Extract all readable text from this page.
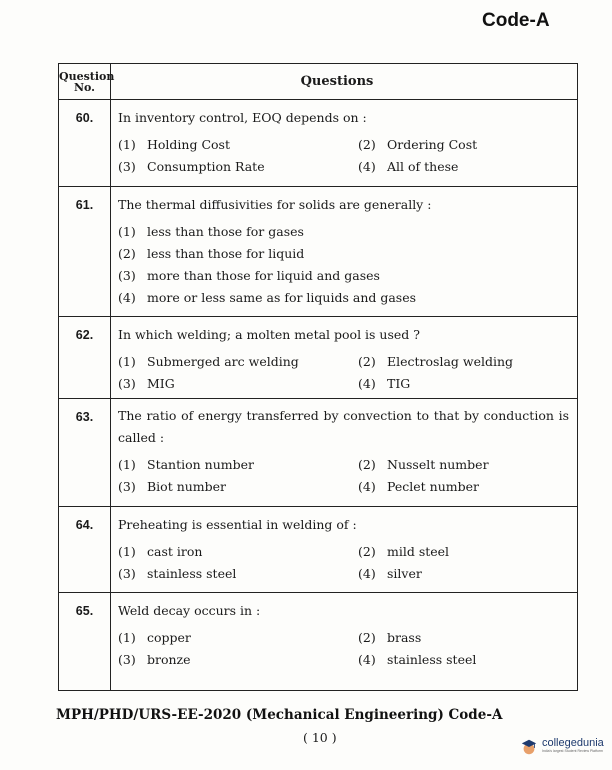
Code-A
Question
No.	Questions
60.	In inventory control, EOQ depends on :
(1) Holding Cost	(2) Ordering Cost
(3) Consumption Rate	(4) All of these
61.	The thermal diffusivities for solids are generally :
(1) less than those for gases
(2) less than those for liquid
(3) more than those for liquid and gases
(4) more or less same as for liquids and gases
62.	In which welding; a molten metal pool is used ?
(1) Submerged arc welding	(2) Electroslag welding
(3) MIG	(4) TIG
63.	The ratio of energy transferred by convection to that by conduction is called :
(1) Stantion number	(2) Nusselt number
(3) Biot number	(4) Peclet number
64.	Preheating is essential in welding of :
(1) cast iron	(2) mild steel
(3) stainless steel	(4) silver
65.	Weld decay occurs in :
(1) copper	(2) brass
(3) bronze	(4) stainless steel
MPH/PHD/URS-EE-2020 (Mechanical Engineering) Code-A
( 10 )	collegedunia
India's largest Student Review Platform
